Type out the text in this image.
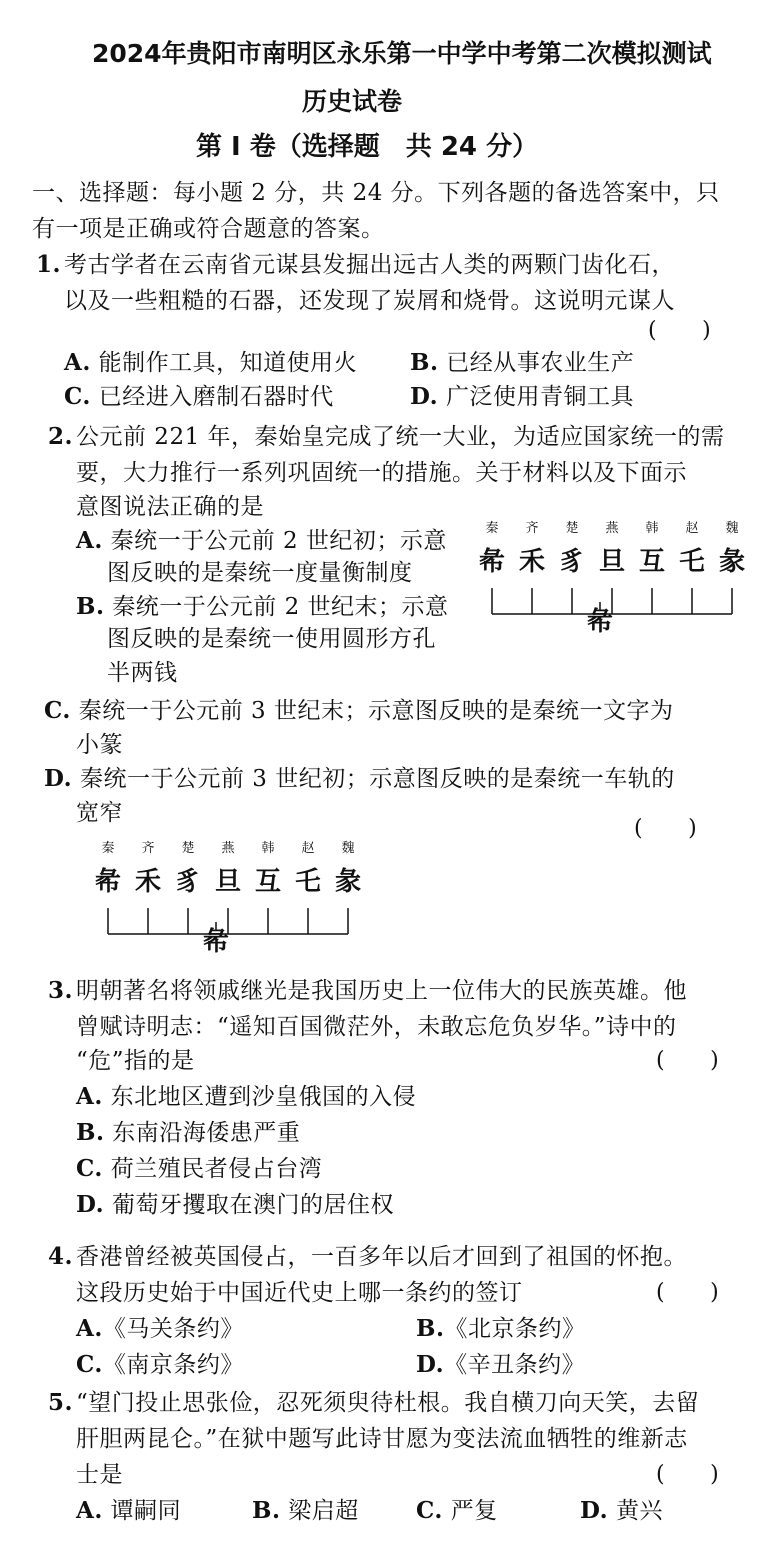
2024年贵阳市南明区永乐第一中学中考第二次模拟测试
历史试卷
第 I 卷（选择题　共 24 分）
一、选择题：每小题 2 分，共 24 分。下列各题的备选答案中，只
有一项是正确或符合题意的答案。
1. 考古学者在云南省元谋县发掘出远古人类的两颗门齿化石，
以及一些粗糙的石器，还发现了炭屑和烧骨。这说明元谋人
(　　)
A. 能制作工具，知道使用火 B. 已经从事农业生产
C. 已经进入磨制石器时代	D. 广泛使用青铜工具
2. 公元前 221 年，秦始皇完成了统一大业，为适应国家统一的需
要，大力推行一系列巩固统一的措施。关于材料以及下面示
意图说法正确的是
A. 秦统一于公元前 2 世纪初；示意
图反映的是秦统一度量衡制度
B. 秦统一于公元前 2 世纪末；示意
图反映的是秦统一使用圆形方孔
半两钱
秦
㣇
齐
禾
楚
豸
燕
旦
韩
互
赵
乇
魏
彖
㣇
C. 秦统一于公元前 3 世纪末；示意图反映的是秦统一文字为
小篆
D. 秦统一于公元前 3 世纪初；示意图反映的是秦统一车轨的
宽窄
(　　)
秦
㣇
齐
禾
楚
豸
燕
旦
韩
互
赵
乇
魏
彖
㣇
3. 明朝著名将领戚继光是我国历史上一位伟大的民族英雄。他
曾赋诗明志：“遥知百国微茫外，未敢忘危负岁华。”诗中的
“危”指的是	(　　)
A. 东北地区遭到沙皇俄国的入侵
B. 东南沿海倭患严重
C. 荷兰殖民者侵占台湾
D. 葡萄牙攫取在澳门的居住权
4. 香港曾经被英国侵占，一百多年以后才回到了祖国的怀抱。
这段历史始于中国近代史上哪一条约的签订	(　　)
A.《马关条约》	B.《北京条约》
C.《南京条约》	D.《辛丑条约》
5. “望门投止思张俭，忍死须臾待杜根。我自横刀向天笑，去留
肝胆两昆仑。”在狱中题写此诗甘愿为变法流血牺牲的维新志
士是	(　　)
A. 谭嗣同	B. 梁启超 C. 严复	D. 黄兴
